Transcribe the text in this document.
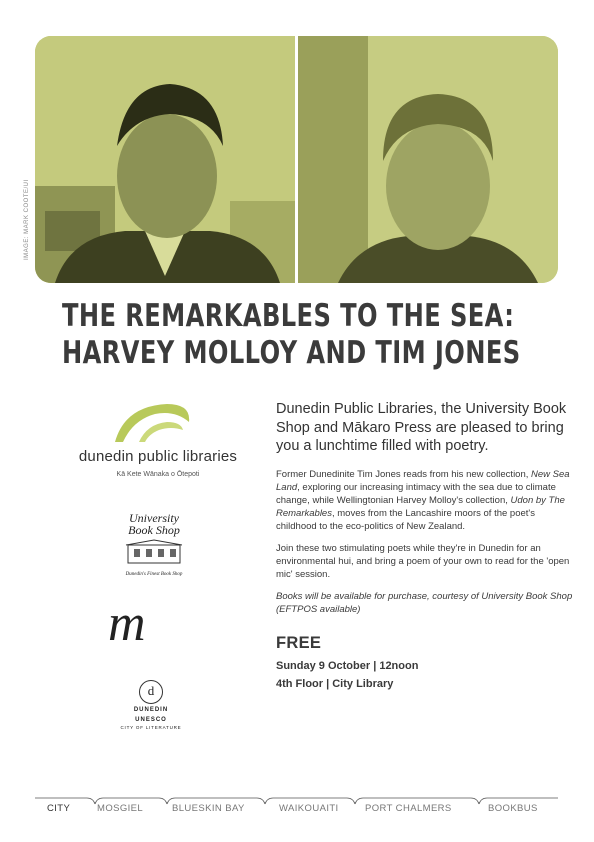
IMAGE: MARK COOTE/UI
THE REMARKABLES TO THE SEA:
HARVEY MOLLOY AND TIM JONES
dunedin public libraries
Kā Kete Wānaka o Ōtepoti
University
Book Shop
Dunedin's Finest Book Shop
m
d
DUNEDIN
UNESCO
CITY OF LITERATURE

Dunedin Public Libraries, the University Book Shop and Mākaro Press are pleased to bring you a lunchtime filled with poetry.

Former Dunedinite Tim Jones reads from his new collection, New Sea Land, exploring our increasing intimacy with the sea due to climate change, while Wellingtonian Harvey Molloy's collection, Udon by The Remarkables, moves from the Lancashire moors of the poet's childhood to the eco-politics of New Zealand.

Join these two stimulating poets while they're in Dunedin for an environmental hui, and bring a poem of your own to read for the 'open mic' session.

Books will be available for purchase, courtesy of University Book Shop (EFTPOS available)

FREE

Sunday 9 October | 12noon
4th Floor | City Library
CITY	MOSGIEL	BLUESKIN BAY	WAIKOUAITI	PORT CHALMERS	BOOKBUS
